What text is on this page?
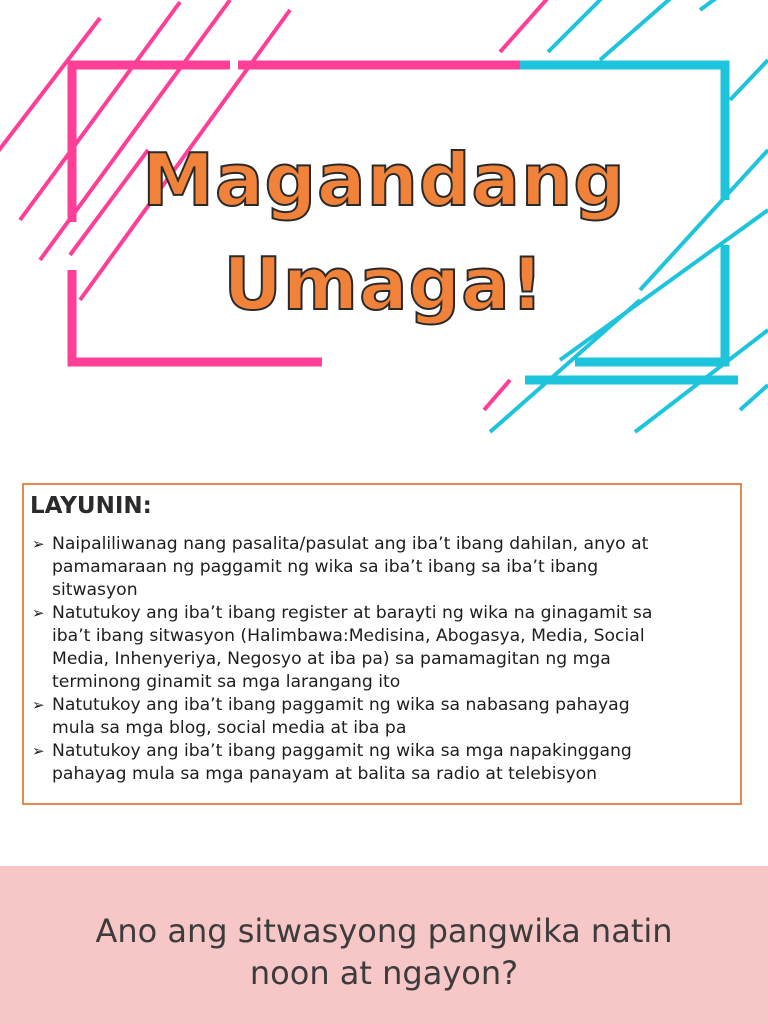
Magandang
Umaga!
LAYUNIN:
➢ Naipaliliwanag nang pasalita/pasulat ang iba’t ibang dahilan, anyo at
pamamaraan ng paggamit ng wika sa iba’t ibang sa iba’t ibang
sitwasyon
➢ Natutukoy ang iba’t ibang register at barayti ng wika na ginagamit sa
iba’t ibang sitwasyon (Halimbawa:Medisina, Abogasya, Media, Social
Media, Inhenyeriya, Negosyo at iba pa) sa pamamagitan ng mga
terminong ginamit sa mga larangang ito
➢ Natutukoy ang iba’t ibang paggamit ng wika sa nabasang pahayag
mula sa mga blog, social media at iba pa
➢ Natutukoy ang iba’t ibang paggamit ng wika sa mga napakinggang
pahayag mula sa mga panayam at balita sa radio at telebisyon
Ano ang sitwasyong pangwika natin
noon at ngayon?
